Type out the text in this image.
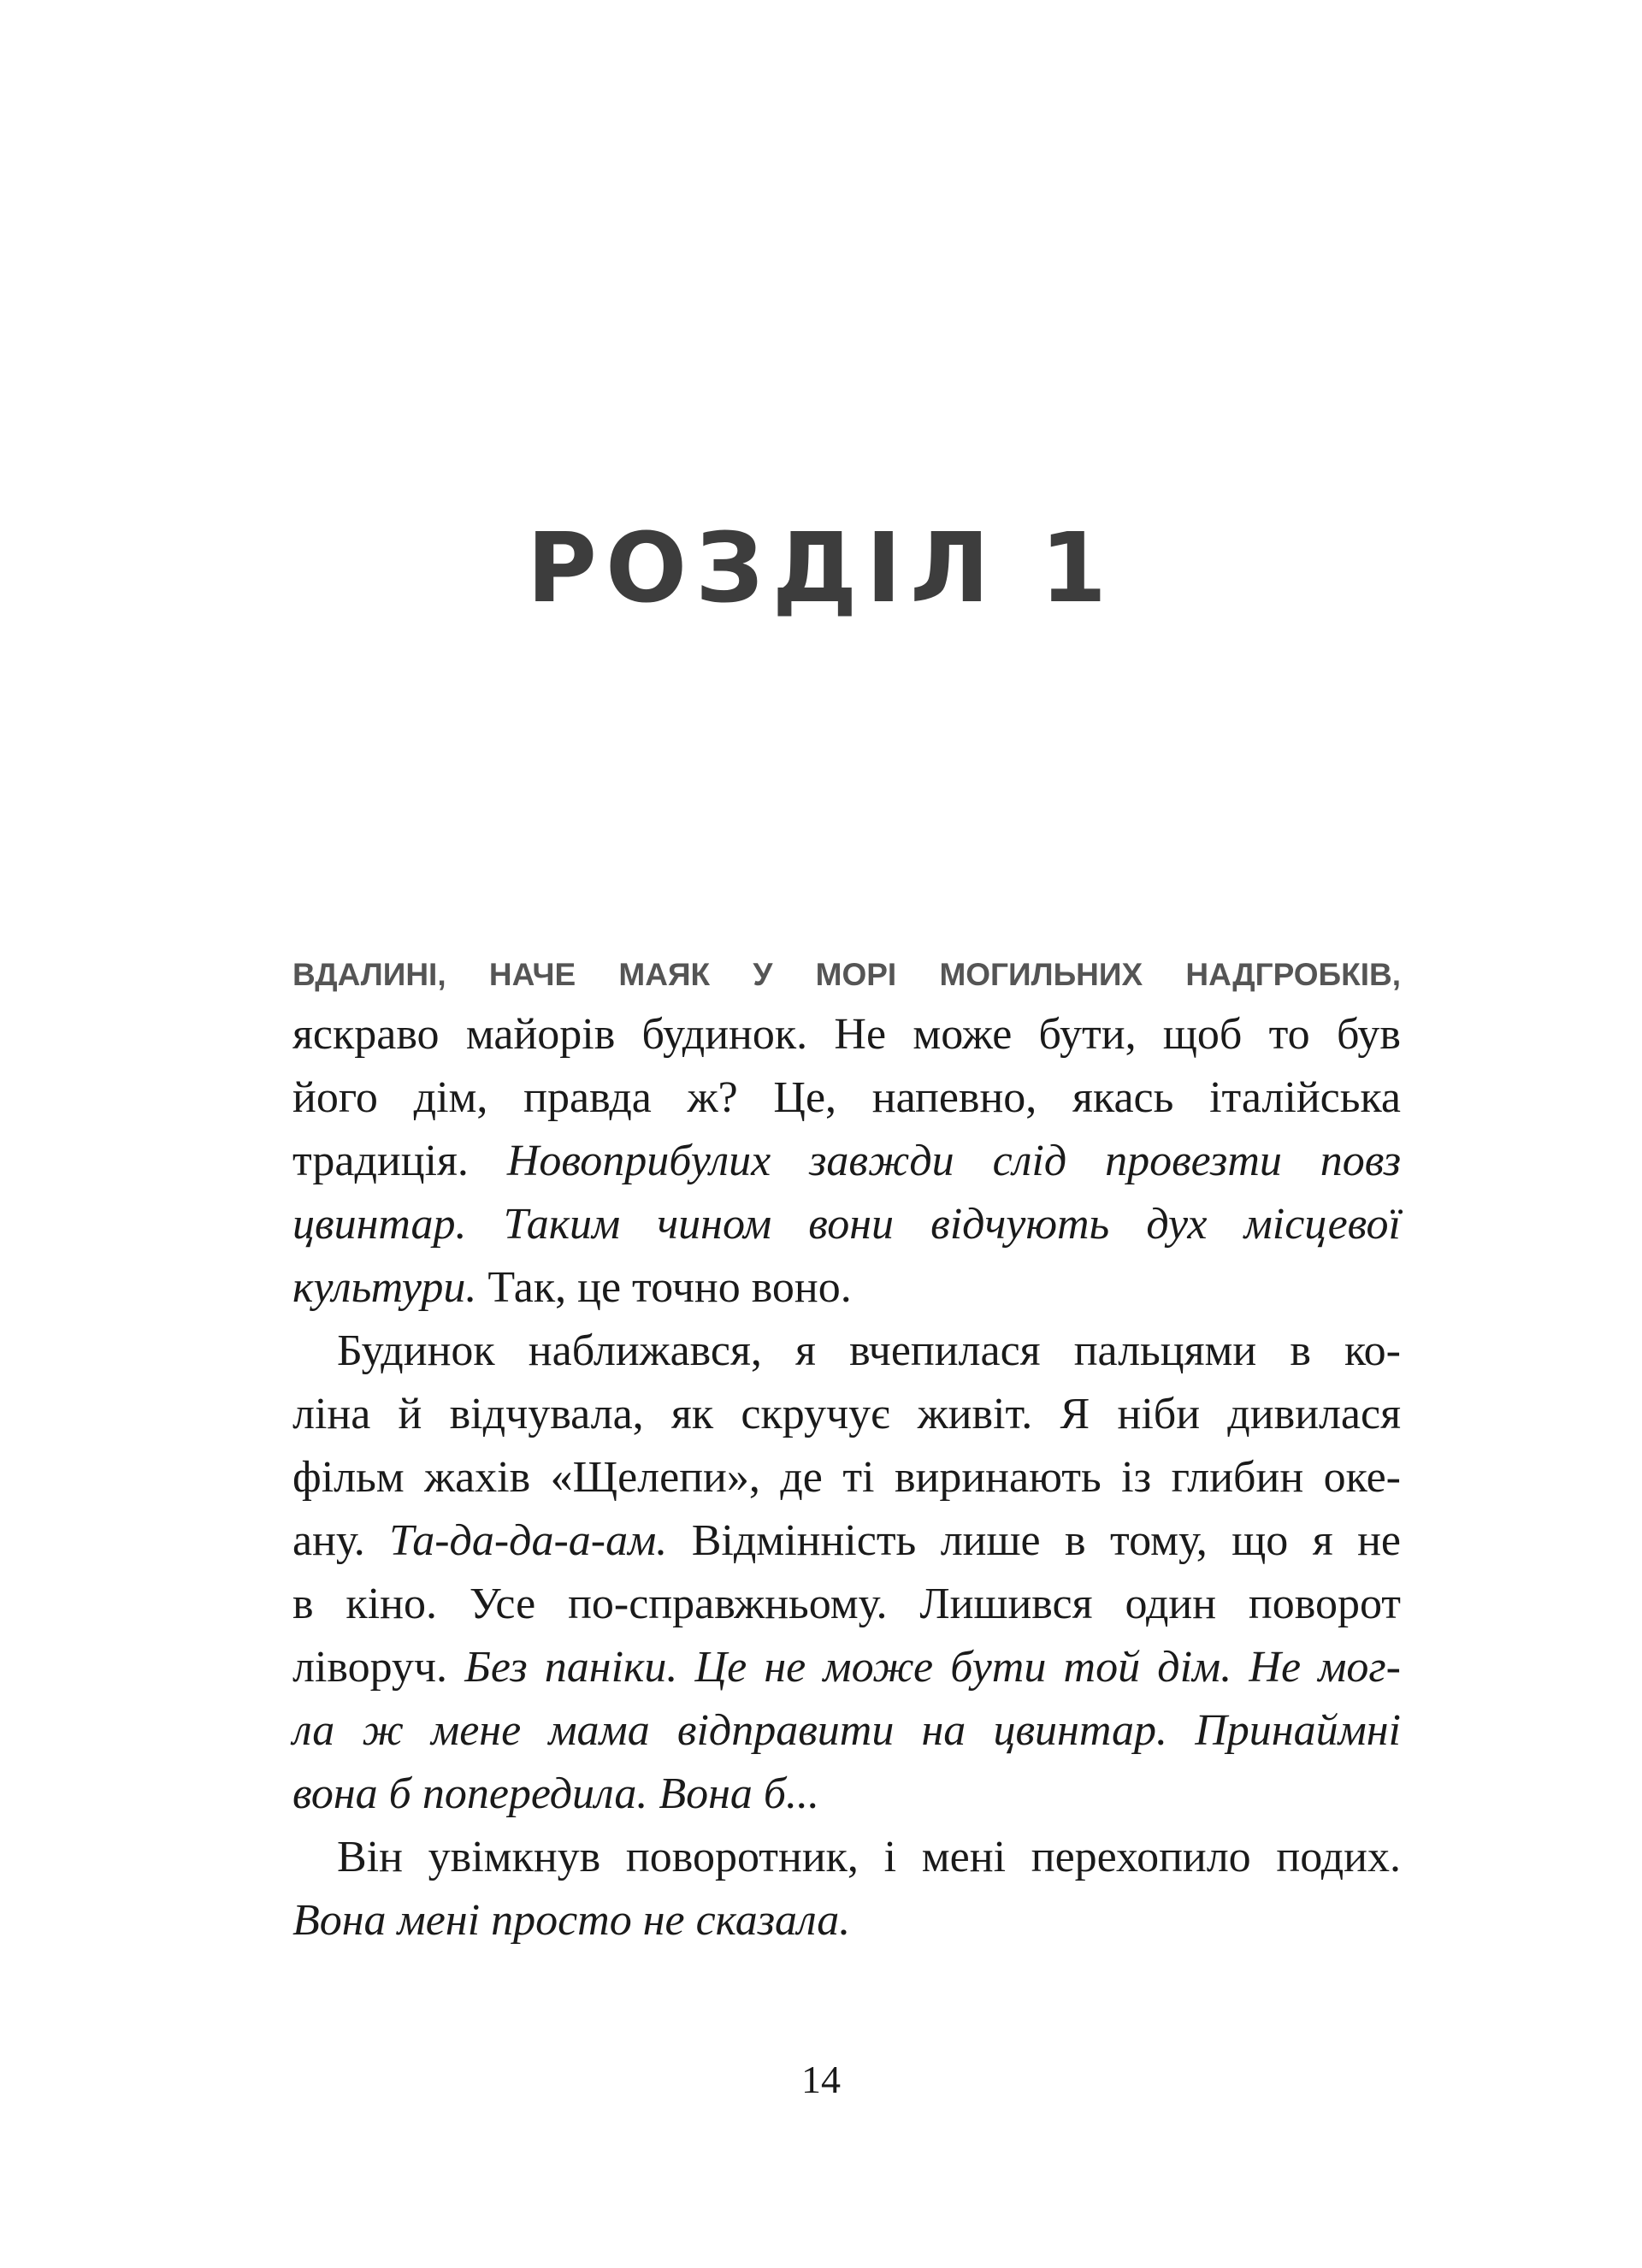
РОЗДІЛ 1
ВДАЛИНІ, НАЧЕ МАЯК У МОРІ МОГИЛЬНИХ НАДГРОБКІВ,
яскраво майорів будинок. Не може бути, щоб то був
його дім, правда ж? Це, напевно, якась італійська
традиція. Новоприбулих завжди слід провезти повз
цвинтар. Таким чином вони відчують дух місцевої
культури. Так, це точно воно.
Будинок наближався, я вчепилася пальцями в ко-
ліна й відчувала, як скручує живіт. Я ніби дивилася
фільм жахів «Щелепи», де ті виринають із глибин оке-
ану. Та-да-да-а-ам. Відмінність лише в тому, що я не
в кіно. Усе по-справжньому. Лишився один поворот
ліворуч. Без паніки. Це не може бути той дім. Не мог-
ла ж мене мама відправити на цвинтар. Принаймні
вона б попередила. Вона б...
Він увімкнув поворотник, і мені перехопило подих.
Вона мені просто не сказала.
14
